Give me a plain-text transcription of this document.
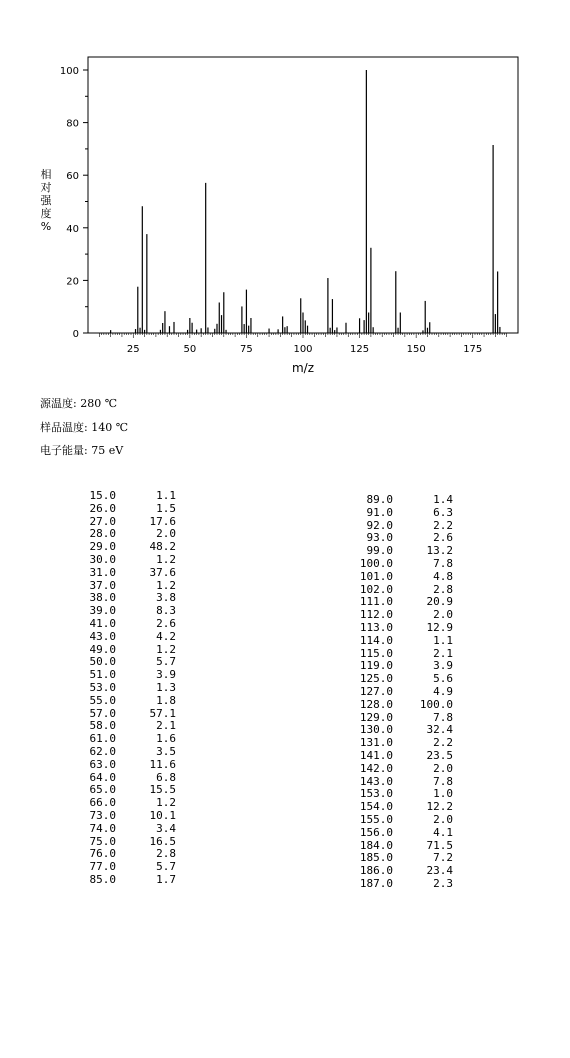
相
对
强
度
%
0
20
40
60
80
100
25	50	75	100	125	150	175
m/z
源温度: 280 ℃
样品温度: 140 ℃
电子能量: 75 eV
15.0	1.1
26.0	1.5
27.0	17.6
28.0	2.0
29.0	48.2
30.0	1.2
31.0	37.6
37.0	1.2
38.0	3.8
39.0	8.3
41.0	2.6
43.0	4.2
49.0	1.2
50.0	5.7
51.0	3.9
53.0	1.3
55.0	1.8
57.0	57.1
58.0	2.1
61.0	1.6
62.0	3.5
63.0	11.6
64.0	6.8
65.0	15.5
66.0	1.2
73.0	10.1
74.0	3.4
75.0	16.5
76.0	2.8
77.0	5.7
85.0	1.7
89.0	1.4
91.0	6.3
92.0	2.2
93.0	2.6
99.0	13.2
100.0	7.8
101.0	4.8
102.0	2.8
111.0	20.9
112.0	2.0
113.0	12.9
114.0	1.1
115.0	2.1
119.0	3.9
125.0	5.6
127.0	4.9
128.0	100.0
129.0	7.8
130.0	32.4
131.0	2.2
141.0	23.5
142.0	2.0
143.0	7.8
153.0	1.0
154.0	12.2
155.0	2.0
156.0	4.1
184.0	71.5
185.0	7.2
186.0	23.4
187.0	2.3
